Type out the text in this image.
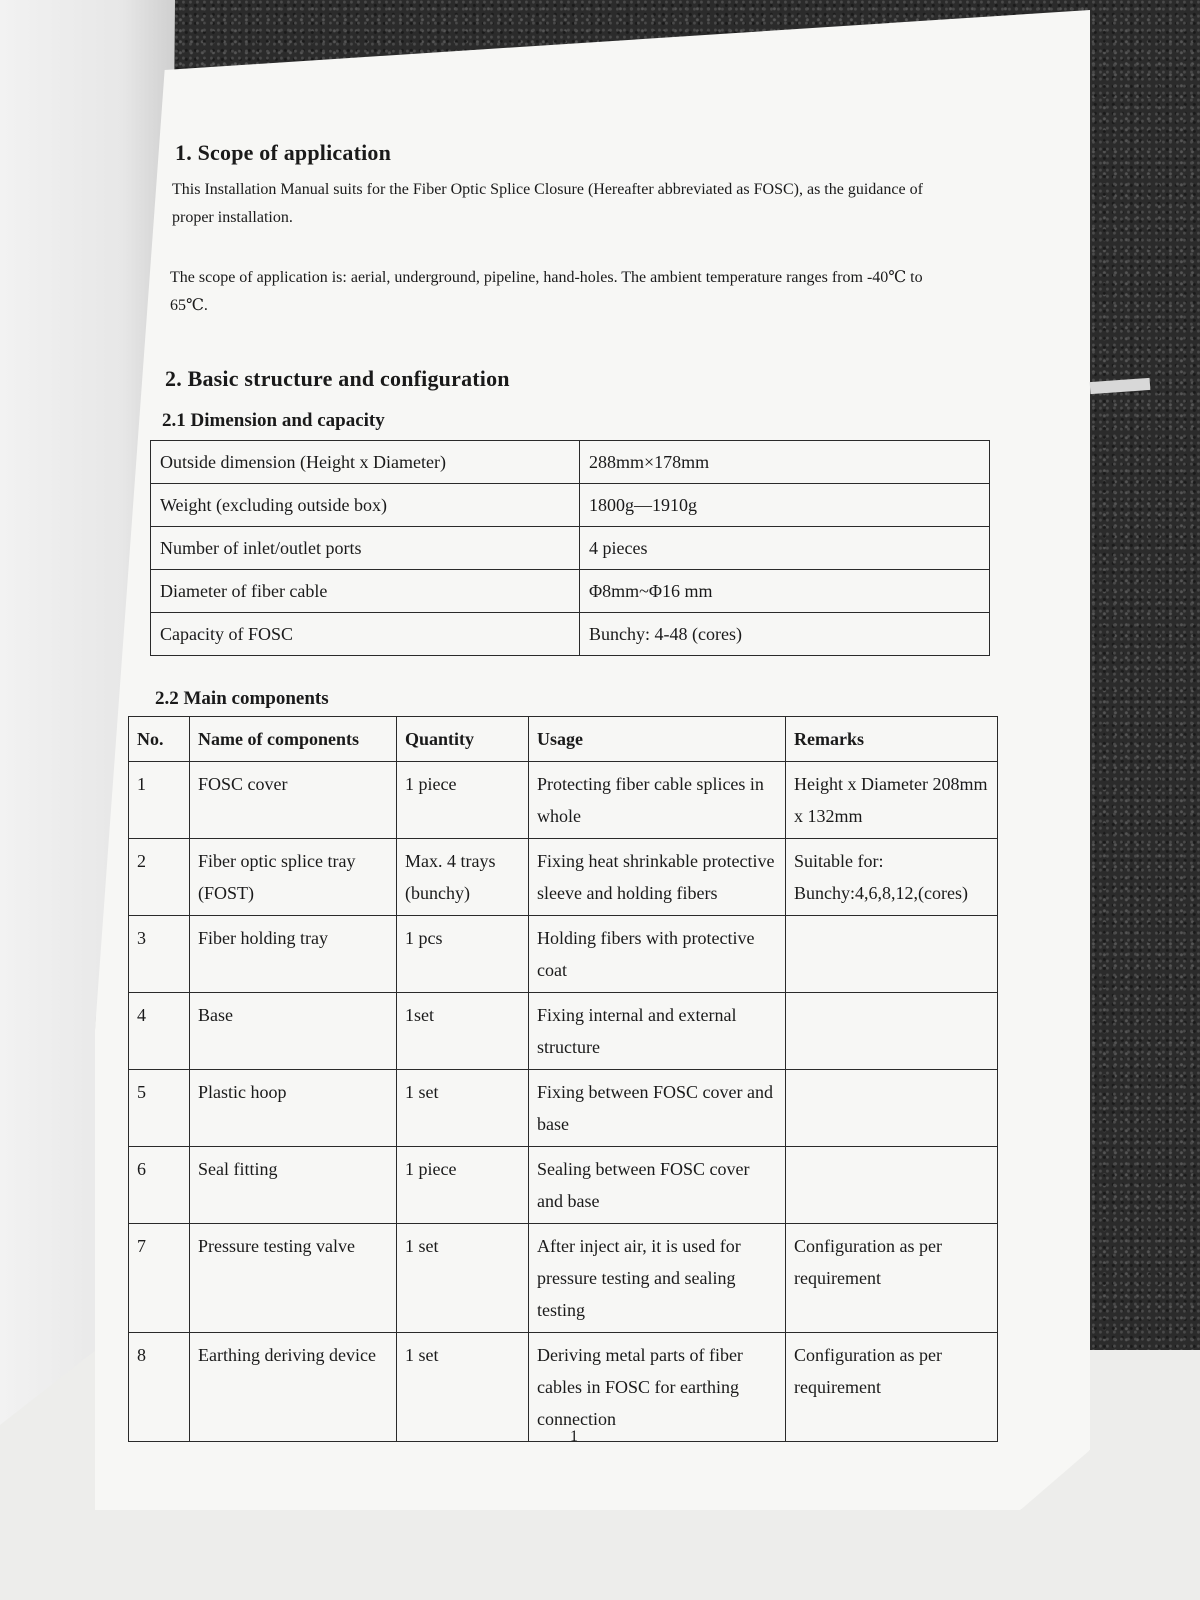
1. Scope of application
This Installation Manual suits for the Fiber Optic Splice Closure (Hereafter abbreviated as FOSC), as the guidance of proper installation.
The scope of application is: aerial, underground, pipeline, hand-holes. The ambient temperature ranges from -40℃ to 65℃.
2. Basic structure and configuration
2.1 Dimension and capacity
Outside dimension (Height x Diameter)	288mm×178mm
Weight (excluding outside box)	1800g—1910g
Number of inlet/outlet ports	4 pieces
Diameter of fiber cable	Φ8mm~Φ16 mm
Capacity of FOSC	Bunchy: 4-48 (cores)
2.2 Main components
No.	Name of components	Quantity	Usage	Remarks
1	FOSC cover	1 piece	Protecting fiber cable splices in whole	Height x Diameter 208mm x 132mm
2	Fiber optic splice tray (FOST)	Max. 4 trays (bunchy)	Fixing heat shrinkable protective sleeve and holding fibers	Suitable for: Bunchy:4,6,8,12,(cores)
3	Fiber holding tray	1 pcs	Holding fibers with protective coat	
4	Base	1set	Fixing internal and external structure	
5	Plastic hoop	1 set	Fixing between FOSC cover and base	
6	Seal fitting	1 piece	Sealing between FOSC cover and base	
7	Pressure testing valve	1 set	After inject air, it is used for pressure testing and sealing testing	Configuration as per requirement
8	Earthing deriving device	1 set	Deriving metal parts of fiber cables in FOSC for earthing connection	Configuration as per requirement
1
